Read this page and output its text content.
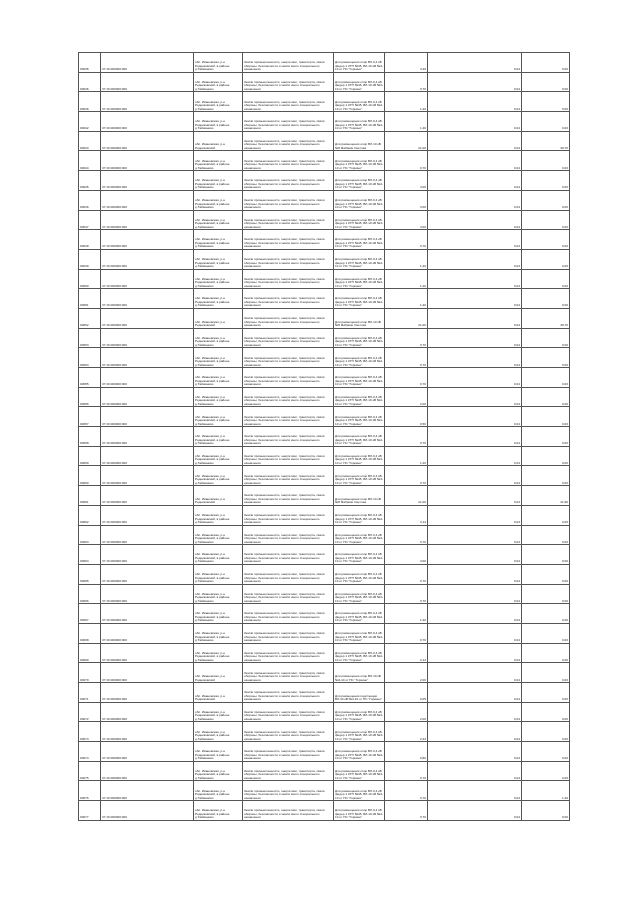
00035	37:16:000000:000	обл. Ивановская, р-н Родниковский, в районе д.Тайманово	Земли промышленности, энергетики, транспорта, связи обороны, безопасности и земли иного специального назначения	Для размещения опор ВЛ-0,4 кВ фидер 1 КТП №45, ВЛ-10 кВ №4-10 от ПС "Горкино"	3,49	0,04	0,00
00046	37:16:000000:000	обл. Ивановская, р-н Родниковский, в районе д.Тайманово	Земли промышленности, энергетики, транспорта, связи обороны, безопасности и земли иного специального назначения	Для размещения опор ВЛ-0,4 кВ фидер 1 КТП №45, ВЛ-10 кВ №4-10 от ПС "Горкино"	0,70	0,04	0,00
00046	37:16:000000:000	обл. Ивановская, р-н Родниковский, в районе д.Тайманово	Земли промышленности, энергетики, транспорта, связи обороны, безопасности и земли иного специального назначения	Для размещения опор ВЛ-0,4 кВ фидер 1 КТП №45, ВЛ-10 кВ №4-10 от ПС "Горкино"	1,40	0,04	0,00
00042	37:16:000000:000	обл. Ивановская, р-н Родниковский, в районе д.Тайманово	Земли промышленности, энергетики, транспорта, связи обороны, безопасности и земли иного специального назначения	Для размещения опор ВЛ-0,4 кВ фидер 1 КТП №45, ВЛ-10 кВ №4-10 от ПС "Горкино"	1,40	0,04	0,00
00043	37:16:000000:000	обл. Ивановская, р-н Родниковский	Земли промышленности, энергетики, транспорта, связи обороны, безопасности и земли иного специального назначения	Для размещения опор ВЛ-10 кВ №5 Фабрики Светлая	21,00	0,04	48,76
00044	37:16:000000:000	обл. Ивановская, р-н Родниковский, в районе д.Тайманово	Земли промышленности, энергетики, транспорта, связи обороны, безопасности и земли иного специального назначения	Для размещения опор ВЛ-0,4 кВ фидер 1 КТП №45, ВЛ-10 кВ №4-10 от ПС "Горкино"	0,70	0,04	0,00
00045	37:16:000000:000	обл. Ивановская, р-н Родниковский, в районе д.Тайманово	Земли промышленности, энергетики, транспорта, связи обороны, безопасности и земли иного специального назначения	Для размещения опор ВЛ-0,4 кВ фидер 1 КТП №45, ВЛ-10 кВ №4-10 от ПС "Горкино"	3,00	0,04	0,00
00046	37:16:000000:000	обл. Ивановская, р-н Родниковский, в районе д.Тайманово	Земли промышленности, энергетики, транспорта, связи обороны, безопасности и земли иного специального назначения	Для размещения опор ВЛ-0,4 кВ фидер 1 КТП №45, ВЛ-10 кВ №4-10 от ПС "Горкино"	3,00	0,04	0,00
00047	37:16:000000:000	обл. Ивановская, р-н Родниковский, в районе д.Тайманово	Земли промышленности, энергетики, транспорта, связи обороны, безопасности и земли иного специального назначения	Для размещения опор ВЛ-0,4 кВ фидер 1 КТП №45, ВЛ-10 кВ №4-10 от ПС "Горкино"	3,00	0,04	0,00
00048	37:16:000000:000	обл. Ивановская, р-н Родниковский, в районе д.Тайманово	Земли промышленности, энергетики, транспорта, связи обороны, безопасности и земли иного специального назначения	Для размещения опор ВЛ-0,4 кВ фидер 1 КТП №45, ВЛ-10 кВ №4-10 от ПС "Горкино"	0,70	0,04	0,00
00049	37:16:000000:000	обл. Ивановская, р-н Родниковский, в районе д.Тайманово	Земли промышленности, энергетики, транспорта, связи обороны, безопасности и земли иного специального назначения	Для размещения опор ВЛ-0,4 кВ фидер 1 КТП №45, ВЛ-10 кВ №4-10 от ПС "Горкино"	1,40	0,04	0,00
00050	37:16:000000:000	обл. Ивановская, р-н Родниковский, в районе д.Тайманово	Земли промышленности, энергетики, транспорта, связи обороны, безопасности и земли иного специального назначения	Для размещения опор ВЛ-0,4 кВ фидер 1 КТП №45, ВЛ-10 кВ №4-10 от ПС "Горкино"	1,40	0,04	0,00
00051	37:16:000000:000	обл. Ивановская, р-н Родниковский, в районе д.Тайманово	Земли промышленности, энергетики, транспорта, связи обороны, безопасности и земли иного специального назначения	Для размещения опор ВЛ-0,4 кВ фидер 1 КТП №45, ВЛ-10 кВ №4-10 от ПС "Горкино"	1,40	0,04	0,00
00052	37:16:000000:000	обл. Ивановская, р-н Родниковский	Земли промышленности, энергетики, транспорта, связи обороны, безопасности и земли иного специального назначения	Для размещения опор ВЛ-10 кВ №5 Фабрики Светлая	21,00	0,04	48,76
00053	37:16:000000:000	обл. Ивановская, р-н Родниковский, в районе д.Тайманово	Земли промышленности, энергетики, транспорта, связи обороны, безопасности и земли иного специального назначения	Для размещения опор ВЛ-0,4 кВ фидер 1 КТП №45, ВЛ-10 кВ №4-10 от ПС "Горкино"	0,70	0,04	0,00
00054	37:16:000000:000	обл. Ивановская, р-н Родниковский, в районе д.Тайманово	Земли промышленности, энергетики, транспорта, связи обороны, безопасности и земли иного специального назначения	Для размещения опор ВЛ-0,4 кВ фидер 1 КТП №45, ВЛ-10 кВ №4-10 от ПС "Горкино"	0,70	0,04	0,00
00055	37:16:000000:000	обл. Ивановская, р-н Родниковский, в районе д.Тайманово	Земли промышленности, энергетики, транспорта, связи обороны, безопасности и земли иного специального назначения	Для размещения опор ВЛ-0,4 кВ фидер 1 КТП №45, ВЛ-10 кВ №4-10 от ПС "Горкино"	0,70	0,04	0,00
00056	37:16:000000:000	обл. Ивановская, р-н Родниковский, в районе д.Тайманово	Земли промышленности, энергетики, транспорта, связи обороны, безопасности и земли иного специального назначения	Для размещения опор ВЛ-0,4 кВ фидер 1 КТП №45, ВЛ-10 кВ №4-10 от ПС "Горкино"	2,00	0,04	0,00
00057	37:16:000000:000	обл. Ивановская, р-н Родниковский, в районе д.Тайманово	Земли промышленности, энергетики, транспорта, связи обороны, безопасности и земли иного специального назначения	Для размещения опор ВЛ-0,4 кВ фидер 1 КТП №45, ВЛ-10 кВ №4-10 от ПС "Горкино"	0,50	0,04	0,00
00058	37:16:000000:000	обл. Ивановская, р-н Родниковский, в районе д.Тайманово	Земли промышленности, энергетики, транспорта, связи обороны, безопасности и земли иного специального назначения	Для размещения опор ВЛ-0,4 кВ фидер 1 КТП №45, ВЛ-10 кВ №4-10 от ПС "Горкино"	0,70	0,04	0,00
00059	37:16:000000:000	обл. Ивановская, р-н Родниковский, в районе д.Тайманово	Земли промышленности, энергетики, транспорта, связи обороны, безопасности и земли иного специального назначения	Для размещения опор ВЛ-0,4 кВ фидер 1 КТП №45, ВЛ-10 кВ №4-10 от ПС "Горкино"	1,40	0,04	0,00
00060	37:16:000000:000	обл. Ивановская, р-н Родниковский, в районе д.Тайманово	Земли промышленности, энергетики, транспорта, связи обороны, безопасности и земли иного специального назначения	Для размещения опор ВЛ-0,4 кВ фидер 1 КТП №45, ВЛ-10 кВ №4-10 от ПС "Горкино"	0,70	0,04	0,00
00061	37:16:000000:000	обл. Ивановская, р-н Родниковский	Земли промышленности, энергетики, транспорта, связи обороны, безопасности и земли иного специального назначения	Для размещения опор ВЛ-10 кВ №5 Фабрики Светлая	21,00	0,04	41,96
00062	37:16:000000:000	обл. Ивановская, р-н Родниковский, в районе д.Тайманово	Земли промышленности, энергетики, транспорта, связи обороны, безопасности и земли иного специального назначения	Для размещения опор ВЛ-0,4 кВ фидер 1 КТП №45, ВЛ-10 кВ №4-10 от ПС "Горкино"	3,14	0,04	0,00
00063	37:16:000000:000	обл. Ивановская, р-н Родниковский, в районе д.Тайманово	Земли промышленности, энергетики, транспорта, связи обороны, безопасности и земли иного специального назначения	Для размещения опор ВЛ-0,4 кВ фидер 1 КТП №45, ВЛ-10 кВ №4-10 от ПС "Горкино"	0,70	0,04	0,00
00064	37:16:000000:000	обл. Ивановская, р-н Родниковский, в районе д.Тайманово	Земли промышленности, энергетики, транспорта, связи обороны, безопасности и земли иного специального назначения	Для размещения опор ВЛ-0,4 кВ фидер 1 КТП №45, ВЛ-10 кВ №4-10 от ПС "Горкино"	3,00	0,04	0,00
00065	37:16:000000:000	обл. Ивановская, р-н Родниковский, в районе д.Тайманово	Земли промышленности, энергетики, транспорта, связи обороны, безопасности и земли иного специального назначения	Для размещения опор ВЛ-0,4 кВ фидер 1 КТП №45, ВЛ-10 кВ №4-10 от ПС "Горкино"	0,70	0,04	0,00
00066	37:16:000000:000	обл. Ивановская, р-н Родниковский, в районе д.Тайманово	Земли промышленности, энергетики, транспорта, связи обороны, безопасности и земли иного специального назначения	Для размещения опор ВЛ-0,4 кВ фидер 1 КТП №45, ВЛ-10 кВ №4-10 от ПС "Горкино"	0,70	0,04	0,00
00067	37:16:000000:000	обл. Ивановская, р-н Родниковский, в районе д.Тайманово	Земли промышленности, энергетики, транспорта, связи обороны, безопасности и земли иного специального назначения	Для размещения опор ВЛ-0,4 кВ фидер 1 КТП №45, ВЛ-10 кВ №4-10 от ПС "Горкино"	1,40	0,04	0,00
00068	37:16:000000:000	обл. Ивановская, р-н Родниковский, в районе д.Тайманово	Земли промышленности, энергетики, транспорта, связи обороны, безопасности и земли иного специального назначения	Для размещения опор ВЛ-0,4 кВ фидер 1 КТП №45, ВЛ-10 кВ №4-10 от ПС "Горкино"	0,70	0,04	0,00
00069	37:16:000000:000	обл. Ивановская, р-н Родниковский, в районе д.Тайманово	Земли промышленности, энергетики, транспорта, связи обороны, безопасности и земли иного специального назначения	Для размещения опор ВЛ-0,4 кВ фидер 1 КТП №45, ВЛ-10 кВ №4-10 от ПС "Горкино"	2,14	0,04	0,00
00070	37:16:000000:000	обл. Ивановская, р-н Родниковский	Земли промышленности, энергетики, транспорта, связи обороны, безопасности и земли иного специального назначения	Для размещения опор ВЛ-10 кВ №4-10 от ПС "Горкино"	2,00	0,04	0,00
00071	37:16:000000:000	обл. Ивановская, р-н Родниковский	Земли промышленности, энергетики, транспорта, связи обороны, безопасности и земли иного специального назначения	Для размещения подстанции ВЛ-10 кВ №4-10 от ПС "Горкино"	0,05	0,04	0,00
00072	37:16:000000:000	обл. Ивановская, р-н Родниковский, в районе д.Тайманово	Земли промышленности, энергетики, транспорта, связи обороны, безопасности и земли иного специального назначения	Для размещения опор ВЛ-0,4 кВ фидер 1 КТП №45, ВЛ-10 кВ №4-10 от ПС "Горкино"	2,00	0,04	0,00
00073	37:16:000000:000	обл. Ивановская, р-н Родниковский, в районе д.Тайманово	Земли промышленности, энергетики, транспорта, связи обороны, безопасности и земли иного специального назначения	Для размещения опор ВЛ-0,4 кВ фидер 1 КТП №45, ВЛ-10 кВ №4-10 от ПС "Горкино"	2,24	0,04	0,00
00074	37:16:000000:000	обл. Ивановская, р-н Родниковский, в районе д.Тайманово	Земли промышленности, энергетики, транспорта, связи обороны, безопасности и земли иного специального назначения	Для размещения опор ВЛ-0,4 кВ фидер 1 КТП №45, ВЛ-10 кВ №4-10 от ПС "Горкино"	0,80	0,04	0,00
00075	37:16:000000:000	обл. Ивановская, р-н Родниковский, в районе д.Тайманово	Земли промышленности, энергетики, транспорта, связи обороны, безопасности и земли иного специального назначения	Для размещения опор ВЛ-0,4 кВ фидер 1 КТП №45, ВЛ-10 кВ №4-10 от ПС "Горкино"	0,70	0,04	0,00
00076	37:16:000000:000	обл. Ивановская, р-н Родниковский, в районе д.Тайманово	Земли промышленности, энергетики, транспорта, связи обороны, безопасности и земли иного специального назначения	Для размещения опор ВЛ-0,4 кВ фидер 1 КТП №45, ВЛ-10 кВ №4-10 от ПС "Горкино"	0,70	0,04	1,46
00077	37:16:000000:000	обл. Ивановская, р-н Родниковский, в районе д.Тайманово	Земли промышленности, энергетики, транспорта, связи обороны, безопасности и земли иного специального назначения	Для размещения опор ВЛ-0,4 кВ фидер 1 КТП №45, ВЛ-10 кВ №4-10 от ПС "Горкино"	0,70	0,04	0,00
